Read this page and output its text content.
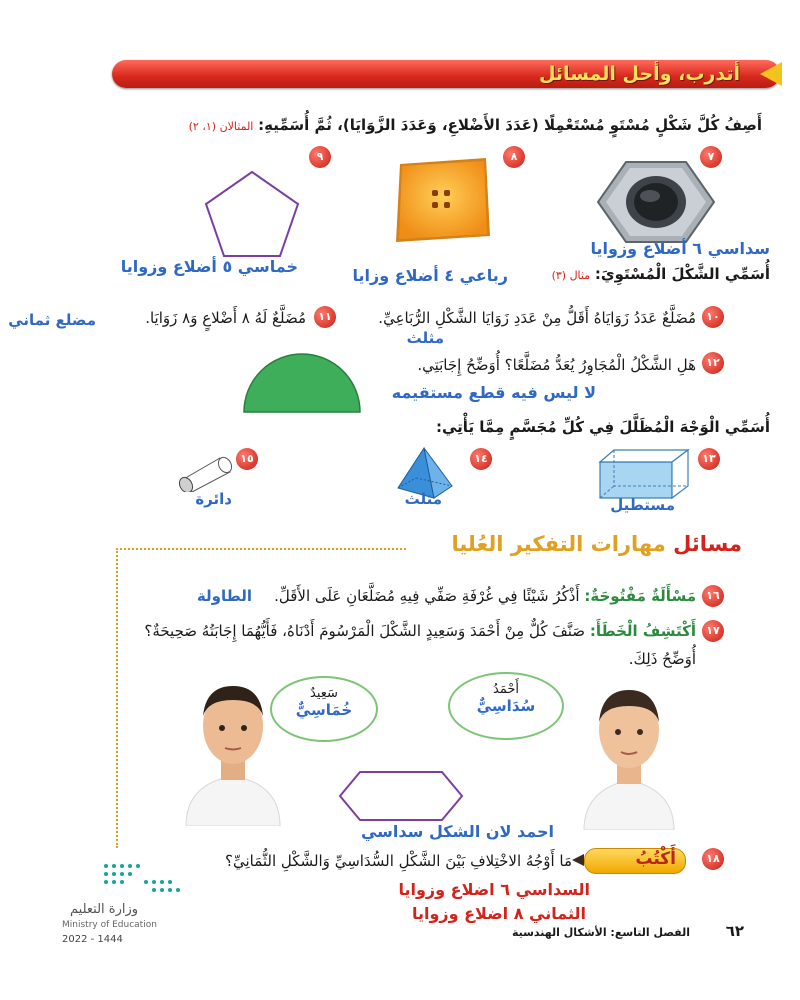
أتدرب، وأحل المسائل
أَصِفُ كُلَّ شَكْلٍ مُسْتَوٍ مُسْتَعْمِلًا (عَدَدَ الأَضْلاعِ، وَعَدَدَ الزَّوَايَا)، ثُمَّ أُسَمِّيهِ: المثالان (١، ٢)
٧
٨
٩
سداسي ٦ أضلاع وزوايا
خماسي ٥ أضلاع وزوايا	رباعي ٤ أضلاع وزايا	أُسَمِّي الشَّكْلَ الْمُسْتَوِيَ: مثال (٣)
١٠
مُضَلَّعٌ عَدَدُ زَوَايَاهُ أَقَلُّ مِنْ عَدَدِ زَوَايَا الشَّكْلِ الرُّبَاعِيِّ.
مثلث
١١
مُضَلَّعٌ لَهُ ٨ أَضْلاعٍ وَ٨ زَوَايَا.
مضلع ثماني
١٢
هَلِ الشَّكْلُ الْمُجَاوِرُ يُعَدُّ مُضَلَّعًا؟ أُوَضِّحُ إِجَابَتِي.
لا ليس فيه قطع مستقيمه
أُسَمِّي الْوَجْهَ الْمُظَلَّلَ فِي كُلِّ مُجَسَّمٍ مِمَّا يَأْتِي:
١٣
١٤
١٥
مستطيل
مثلث
دائرة
مسائل مهارات التفكير العُليا
١٦
مَسْأَلَةٌ مَفْتُوحَةٌ: أَذْكُرُ شَيْئًا فِي غُرْفَةِ صَفِّي فِيهِ مُضَلَّعَانِ عَلَى الأَقَلِّ.
الطاولة
١٧
أَكْتَشِفُ الْخَطَأَ: صَنَّفَ كُلٌّ مِنْ أَحْمَدَ وَسَعِيدٍ الشَّكْلَ الْمَرْسُومَ أَدْنَاهُ، فَأَيُّهُمَا إِجَابَتُهُ صَحِيحَةٌ؟
أُوَضِّحُ ذَلِكَ.
أَحْمَدُ
سُدَاسِيٌّ
سَعِيدٌ
خُمَاسِيٌّ
احمد لان الشكل سداسي
١٨
أَكْتُبُ
مَا أَوْجُهُ الاخْتِلافِ بَيْنَ الشَّكْلِ السُّدَاسِيِّ وَالشَّكْلِ الثُّمَانِيِّ؟
السداسي ٦ اضلاع وزوايا
الثماني ٨ اضلاع وزوايا
وزارة التعليم
Ministry of Education
2022 - 1444	٦٢
الفصل التاسع: الأشكال الهندسية
